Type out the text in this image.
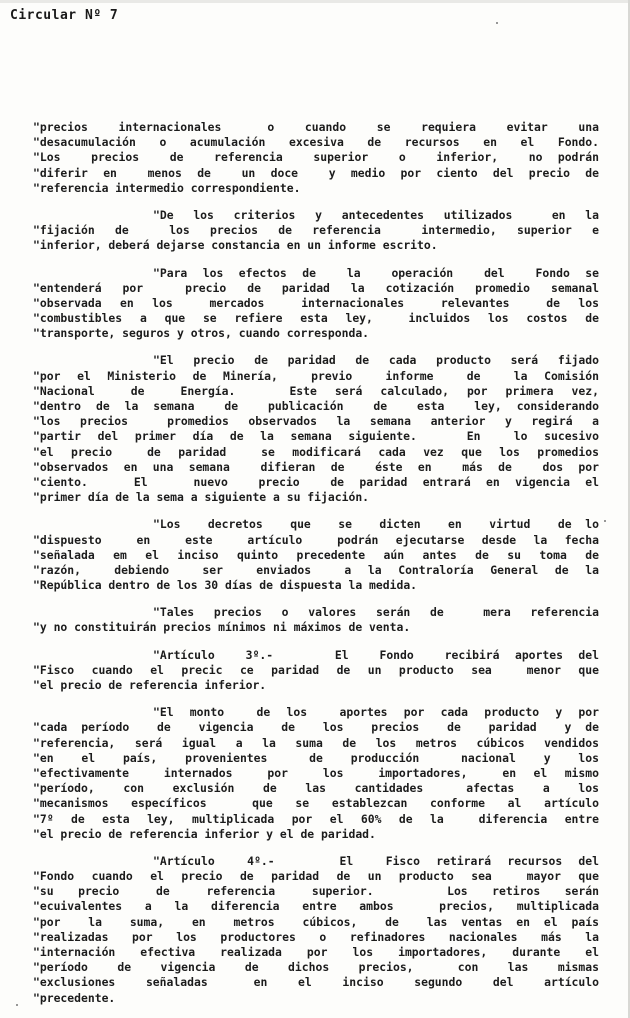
Circular Nº 7
"precios  internacionales   o  cuando  se  requiera  evitar  una
"desacumulación o acumulación excesiva de recursos en el Fondo.
"Los  precios  de  referencia  superior  o  inferior,  no podrán
"diferir en  menos de  un doce  y medio por ciento del precio de
"referencia intermedio correspondiente.
"De los criterios y antecedentes utilizados  en la
"fijación de  los precios de referencia  intermedio, superior e
"inferior, deberá dejarse constancia en un informe escrito.
"Para los efectos de  la  operación  del  Fondo se
"entenderá por  precio de paridad la cotización promedio semanal
"observada en los  mercados  internacionales  relevantes  de los
"combustibles a que se refiere esta ley,  incluidos los costos de
"transporte, seguros y otros, cuando corresponda.
"El precio de paridad de cada producto será fijado
"por el Ministerio de Minería,  previo  informe  de  la Comisión
"Nacional  de  Energía.   Este será calculado, por primera vez,
"dentro de la semana  de  publicación  de  esta  ley, considerando
"los precios  promedios observados la semana anterior y regirá a
"partir del primer día de la semana siguiente.   En  lo sucesivo
"el precio  de paridad  se modificará cada vez que los promedios
"observados en una semana  difieran de  éste en  más de  dos por
"ciento.   El   nuevo  precio  de paridad entrará en vigencia el
"primer día de la sema a siguiente a su fijación.
"Los  decretos  que  se  dicten  en  virtud  de lo
"dispuesto  en  este  artículo  podrán ejecutarse desde la fecha
"señalada em el inciso quinto precedente aún antes de su toma de
"razón,  debiendo  ser  enviados  a la Contraloría General de la
"República dentro de los 30 días de dispuesta la medida.
"Tales precios o valores serán de  mera referencia
"y no constituirán precios mínimos ni máximos de venta.
"Artículo  3º.-    El  Fondo  recibirá aportes del
"Fisco cuando el precic ce paridad de un producto sea  menor que
"el precio de referencia inferior.
"El monto  de los  aportes por cada producto y por
"cada período  de  vigencia  de  los  precios  de  paridad  y de
"referencia, será igual a la suma de los metros cúbicos vendidos
"en  el  país,  provenientes   de  producción   nacional  y  los
"efectivamente  internados  por  los  importadores,  en el mismo
"período,  con  exclusión  de  las  cantidades   afectas  a  los
"mecanismos específicos  que se establezcan conforme al artículo
"7º de esta ley, multiplicada por el 60% de la  diferencia entre
"el precio de referencia inferior y el de paridad.
"Artículo  4º.-    El  Fisco retirará recursos del
"Fondo cuando el precio de paridad de un producto sea  mayor que
"su  precio   de   referencia   superior.      Los  retiros  serán
"ecuivalentes a la diferencia entre ambos  precios, multiplicada
"por  la  suma,  en  metros  cúbicos,  de  las ventas en el país
"realizadas por los productores o refinadores nacionales más la
"internación efectiva realizada por los importadores, durante el
"período  de  vigencia  de  dichos  precios,   con  las  mismas
"exclusiones  señaladas   en  el  inciso  segundo  del  artículo
"precedente.
